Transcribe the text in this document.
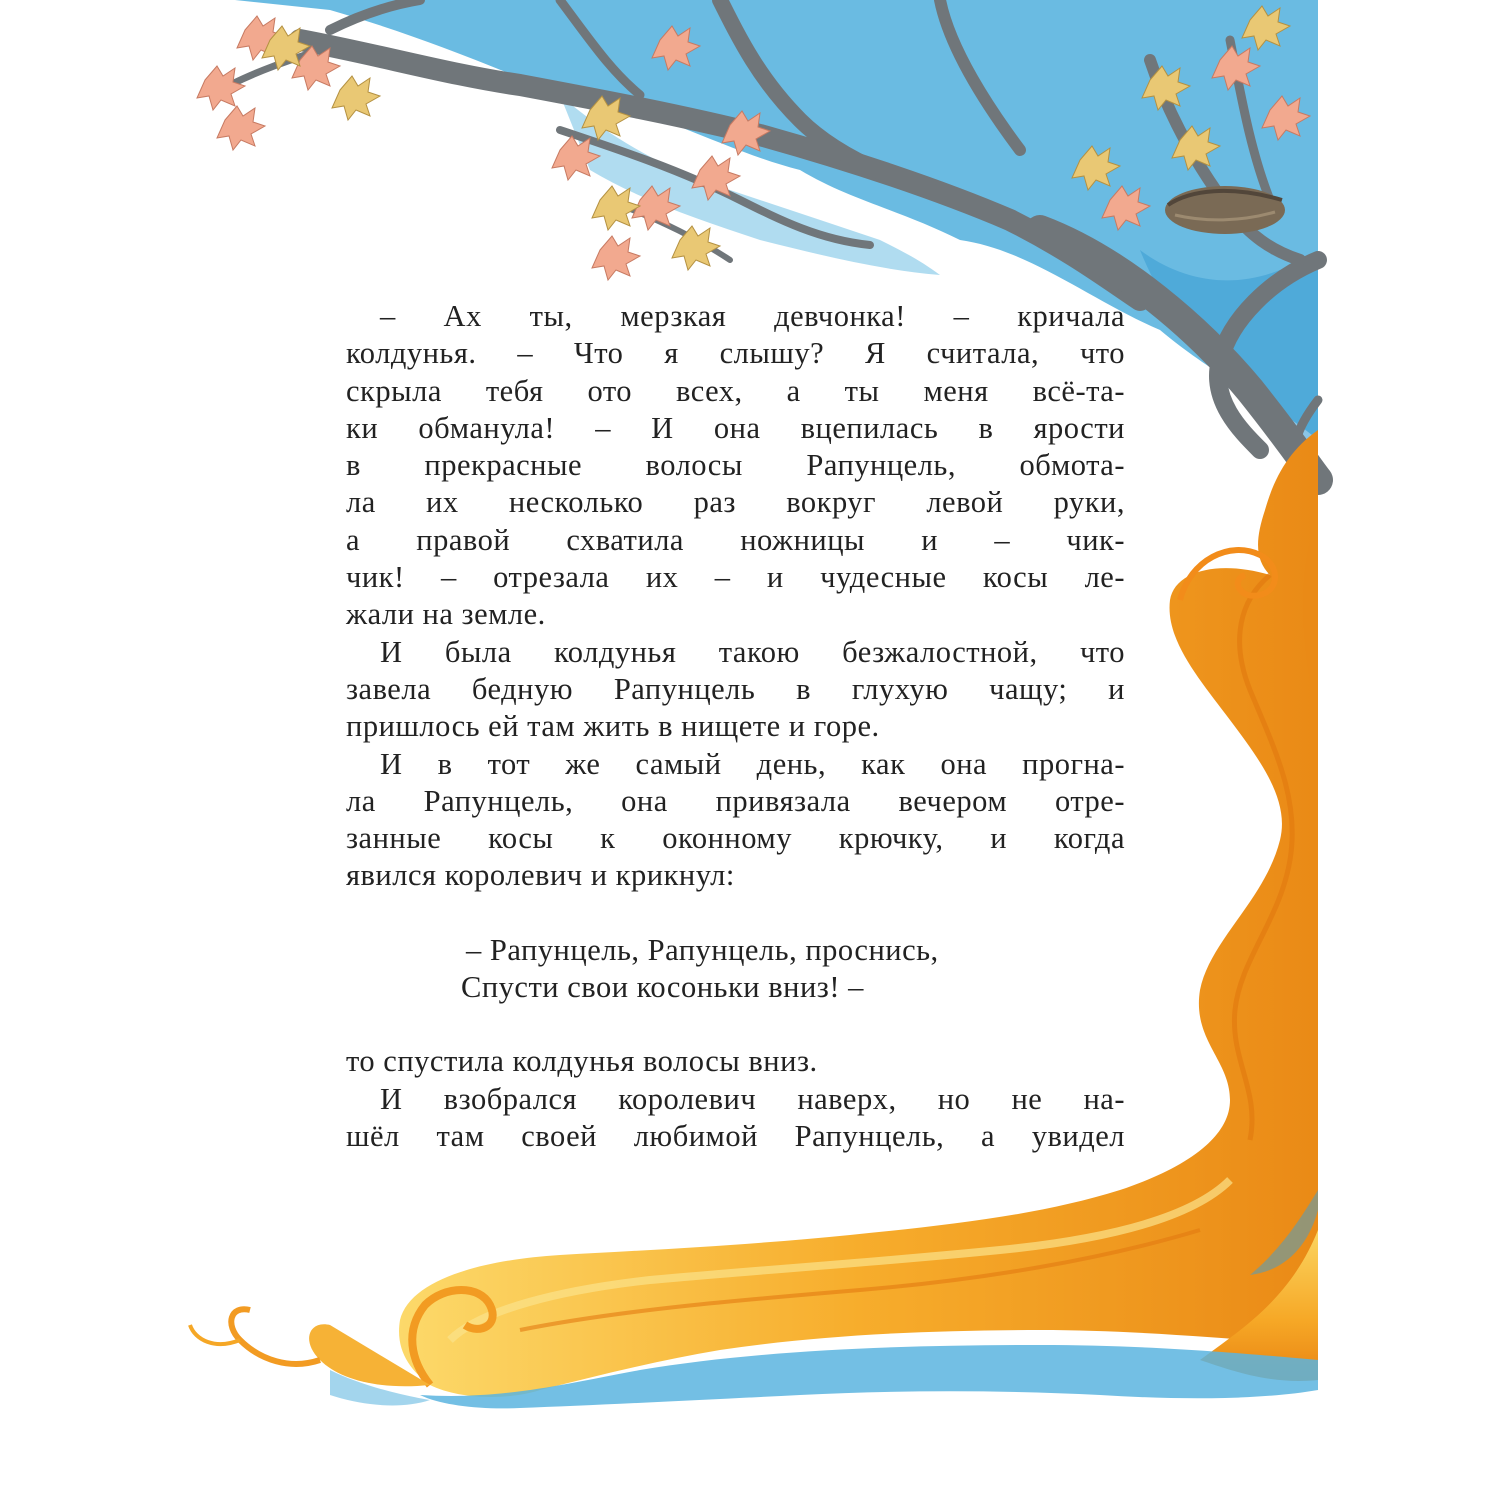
– Ах ты, мерзкая девчонка! – кричала
колдунья. – Что я слышу? Я считала, что
скрыла тебя ото всех, а ты меня всё-та-
ки обманула! – И она вцепилась в ярости
в прекрасные волосы Рапунцель, обмота-
ла их несколько раз вокруг левой руки,
а правой схватила ножницы и – чик-
чик! – отрезала их – и чудесные косы ле-
жали на земле.
И была колдунья такою безжалостной, что
завела бедную Рапунцель в глухую чащу; и
пришлось ей там жить в нищете и горе.
И в тот же самый день, как она прогна-
ла Рапунцель, она привязала вечером отре-
занные косы к оконному крючку, и когда
явился королевич и крикнул:
– Рапунцель, Рапунцель, проснись,
Спусти свои косоньки вниз! –
то спустила колдунья волосы вниз.
И взобрался королевич наверх, но не на-
шёл там своей любимой Рапунцель, а увидел
